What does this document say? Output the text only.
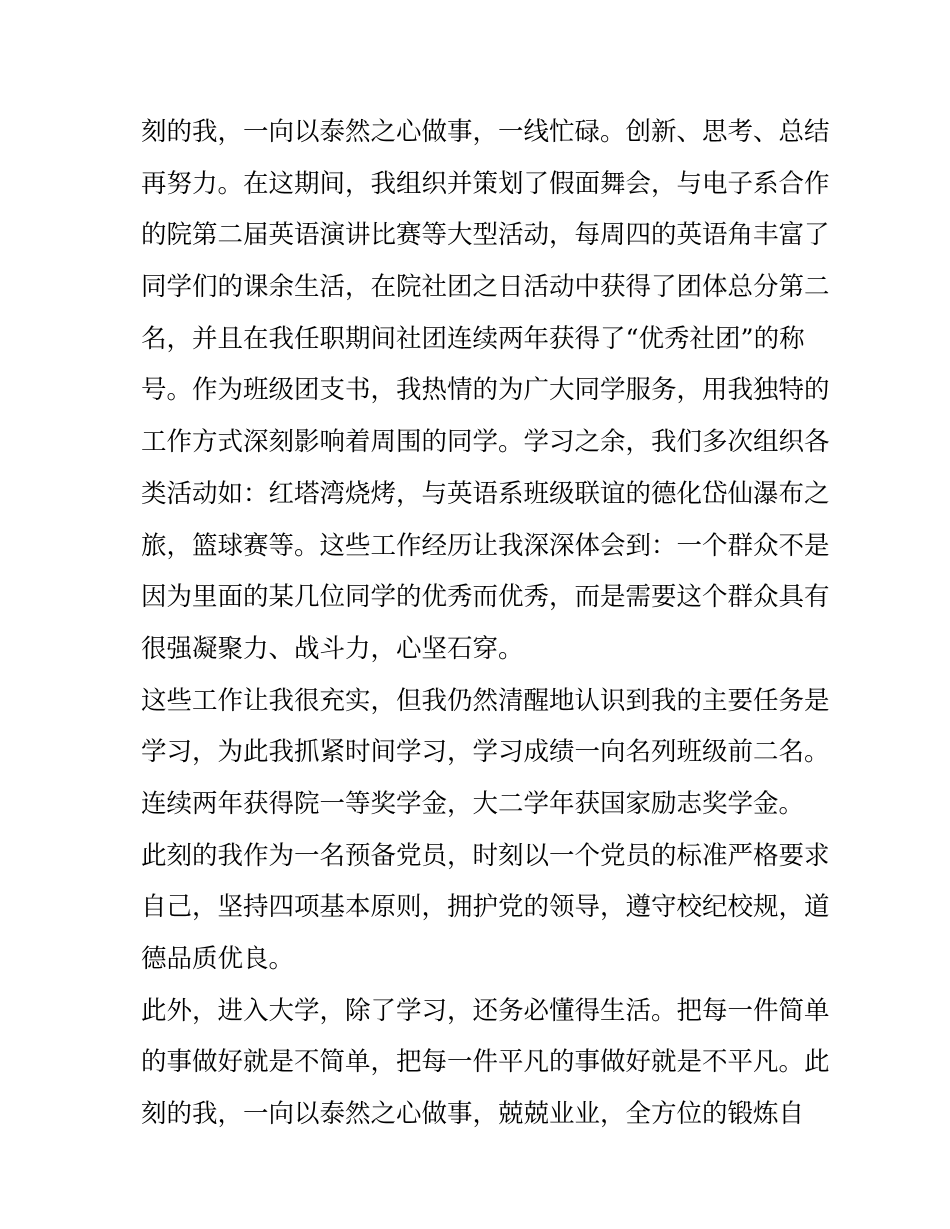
刻的我，一向以泰然之心做事，一线忙碌。创新、思考、总结
再努力。在这期间，我组织并策划了假面舞会，与电子系合作
的院第二届英语演讲比赛等大型活动，每周四的英语角丰富了
同学们的课余生活，在院社团之日活动中获得了团体总分第二
名，并且在我任职期间社团连续两年获得了“优秀社团”的称
号。作为班级团支书，我热情的为广大同学服务，用我独特的
工作方式深刻影响着周围的同学。学习之余，我们多次组织各
类活动如：红塔湾烧烤，与英语系班级联谊的德化岱仙瀑布之
旅，篮球赛等。这些工作经历让我深深体会到：一个群众不是
因为里面的某几位同学的优秀而优秀，而是需要这个群众具有
很强凝聚力、战斗力，心坚石穿。
这些工作让我很充实，但我仍然清醒地认识到我的主要任务是
学习，为此我抓紧时间学习，学习成绩一向名列班级前二名。
连续两年获得院一等奖学金，大二学年获国家励志奖学金。
此刻的我作为一名预备党员，时刻以一个党员的标准严格要求
自己，坚持四项基本原则，拥护党的领导，遵守校纪校规，道
德品质优良。
此外，进入大学，除了学习，还务必懂得生活。把每一件简单
的事做好就是不简单，把每一件平凡的事做好就是不平凡。此
刻的我，一向以泰然之心做事，兢兢业业，全方位的锻炼自
